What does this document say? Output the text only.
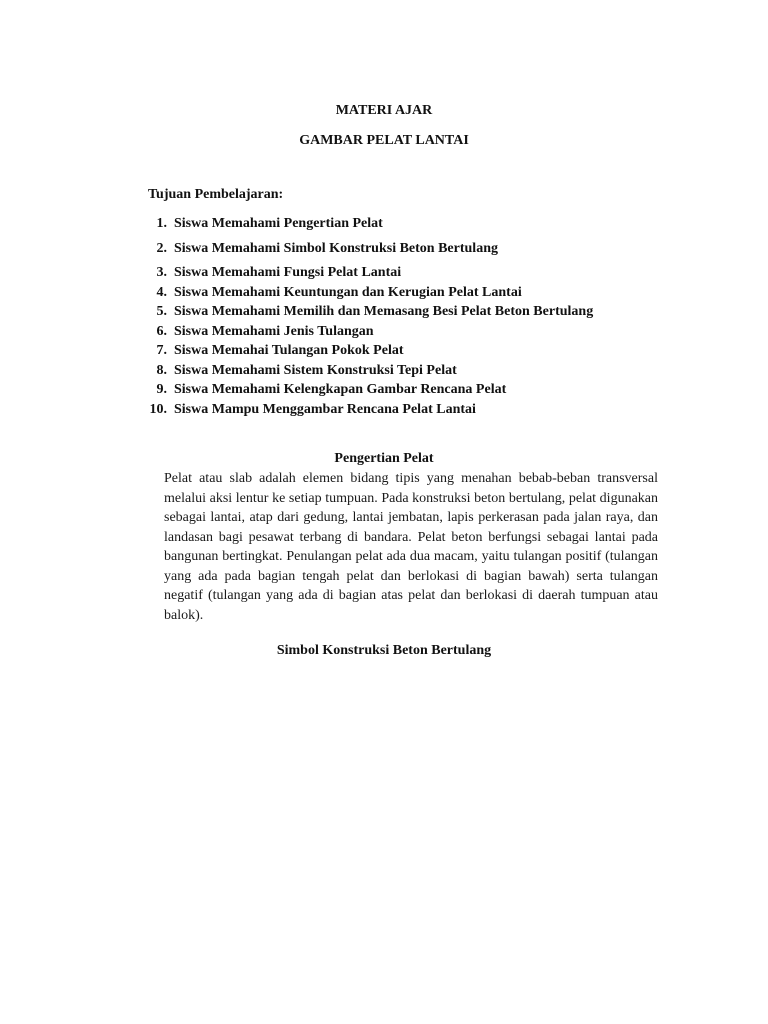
MATERI AJAR
GAMBAR PELAT LANTAI

Tujuan Pembelajaran:

1. Siswa Memahami Pengertian Pelat
2. Siswa Memahami Simbol Konstruksi Beton Bertulang
3. Siswa Memahami Fungsi Pelat Lantai
4. Siswa Memahami Keuntungan dan Kerugian Pelat Lantai
5. Siswa Memahami Memilih dan Memasang Besi Pelat Beton Bertulang
6. Siswa Memahami Jenis Tulangan
7. Siswa Memahai Tulangan Pokok Pelat
8. Siswa Memahami Sistem Konstruksi Tepi Pelat
9. Siswa Memahami Kelengkapan Gambar Rencana Pelat
10. Siswa Mampu Menggambar Rencana Pelat Lantai
Pengertian Pelat

Pelat atau slab adalah elemen bidang tipis yang menahan bebab-beban transversal melalui aksi lentur ke setiap tumpuan. Pada konstruksi beton bertulang, pelat digunakan sebagai lantai, atap dari gedung, lantai jembatan, lapis perkerasan pada jalan raya, dan landasan bagi pesawat terbang di bandara. Pelat beton berfungsi sebagai lantai pada bangunan bertingkat. Penulangan pelat ada dua macam, yaitu tulangan positif (tulangan yang ada pada bagian tengah pelat dan berlokasi di bagian bawah) serta tulangan negatif (tulangan yang ada di bagian atas pelat dan berlokasi di daerah tumpuan atau balok).

Simbol Konstruksi Beton Bertulang
